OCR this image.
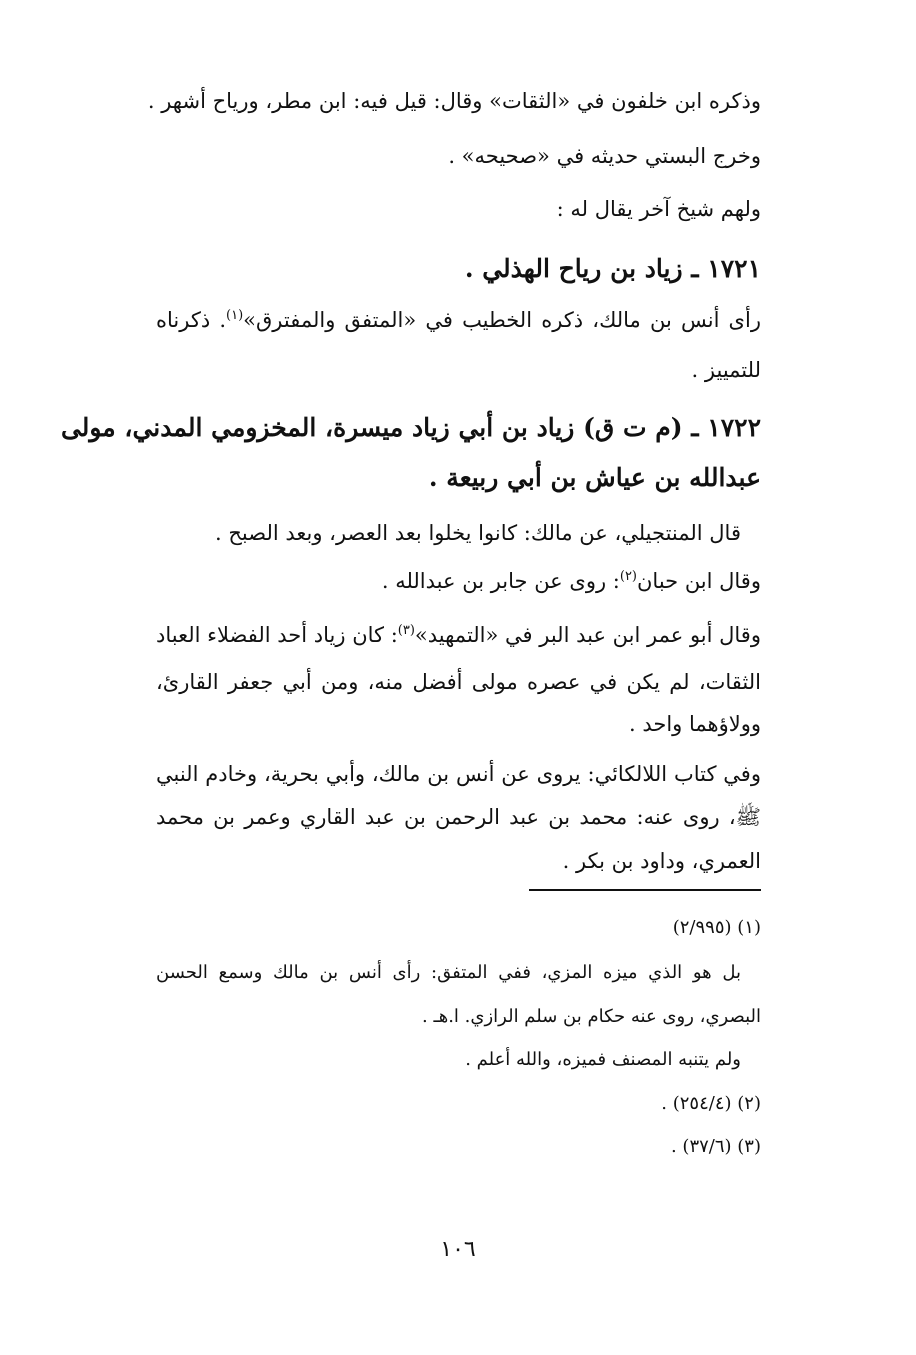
وذكره ابن خلفون في «الثقات» وقال: قيل فيه: ابن مطر، ورياح أشهر .
وخرج البستي حديثه في «صحيحه» .
ولهم شيخ آخر يقال له :
١٧٢١ ـ زياد بن رياح الهذلي .
رأى أنس بن مالك، ذكره الخطيب في «المتفق والمفترق»$^{(١)}$. ذكرناه
للتمييز .
١٧٢٢ ـ (م ت ق) زياد بن أبي زياد ميسرة، المخزومي المدني، مولى
عبدالله بن عياش بن أبي ربيعة .
قال المنتجيلي، عن مالك: كانوا يخلوا بعد العصر، وبعد الصبح .
وقال ابن حبان$^{(٢)}$: روى عن جابر بن عبدالله .
وقال أبو عمر ابن عبد البر في «التمهيد»$^{(٣)}$: كان زياد أحد الفضلاء العباد
الثقات، لم يكن في عصره مولى أفضل منه، ومن أبي جعفر القارئ،
وولاؤهما واحد .
وفي كتاب اللالكائي: يروى عن أنس بن مالك، وأبي بحرية، وخادم النبي
ﷺ، روى عنه: محمد بن عبد الرحمن بن عبد القاري وعمر بن محمد
العمري، وداود بن بكر .
(١) (٢/٩٩٥)
بل هو الذي ميزه المزي، ففي المتفق: رأى أنس بن مالك وسمع الحسن
البصري، روى عنه حكام بن سلم الرازي. ا.هـ .
ولم يتنبه المصنف فميزه، والله أعلم .
(٢) (٢٥٤/٤) .
(٣) (٣٧/٦) .
١٠٦
